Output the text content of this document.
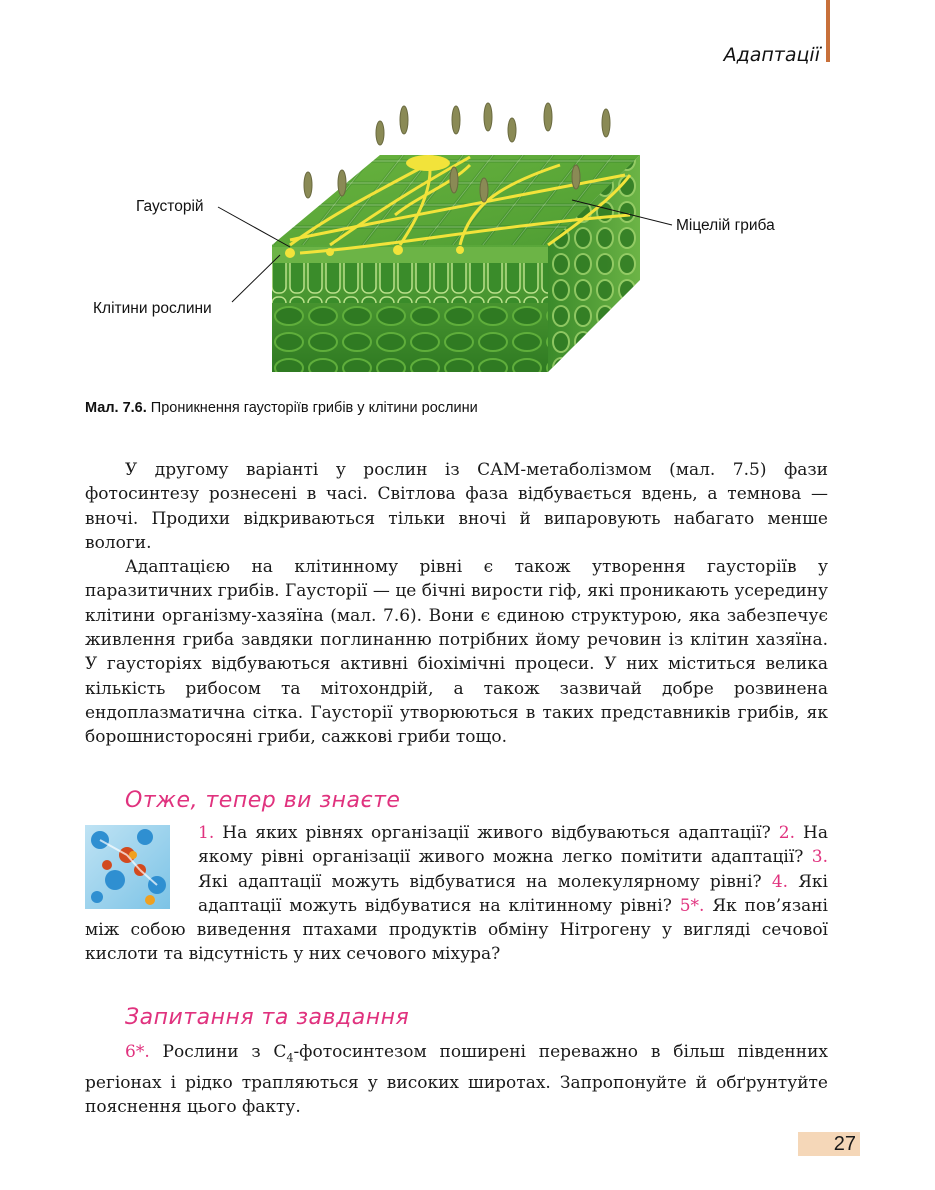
Адаптації
Гаусторій
Міцелій гриба
Клітини рослини
Мал. 7.6. Проникнення гаусторіїв грибів у клітини рослини

У другому варіанті у рослин із САМ-метаболізмом (мал. 7.5) фази фотосинтезу рознесені в часі. Світлова фаза відбувається вдень, а темнова — вночі. Продихи відкриваються тільки вночі й випаровують набагато менше вологи.

Адаптацією на клітинному рівні є також утворення гаусторіїв у паразитичних грибів. Гаусторії — це бічні вирости гіф, які проникають усередину клітини організму-хазяїна (мал. 7.6). Вони є єдиною структурою, яка забезпечує живлення гриба завдяки поглинанню потрібних йому речовин із клітин хазяїна. У гаусторіях відбуваються активні біохімічні процеси. У них міститься велика кількість рибосом та мітохондрій, а також зазвичай добре розвинена ендоплазматична сітка. Гаусторії утворюються в таких представників грибів, як борошнисторосяні гриби, сажкові гриби тощо.

Отже, тепер ви знаєте
1. На яких рівнях організації живого відбуваються адаптації? 2. На якому рівні організації живого можна легко помітити адаптації? 3. Які адаптації можуть відбуватися на молекулярному рівні? 4. Які адаптації можуть відбуватися на клітинному рівні? 5*. Як пов’язані між собою виведення птахами продуктів обміну Нітрогену у вигляді сечової кислоти та відсутність у них сечового міхура?
Запитання та завдання

6*. Рослини з $C_4$-фотосинтезом поширені переважно в більш південних регіонах і рідко трапляються у високих широтах. Запропонуйте й обґрунтуйте пояснення цього факту.

27
